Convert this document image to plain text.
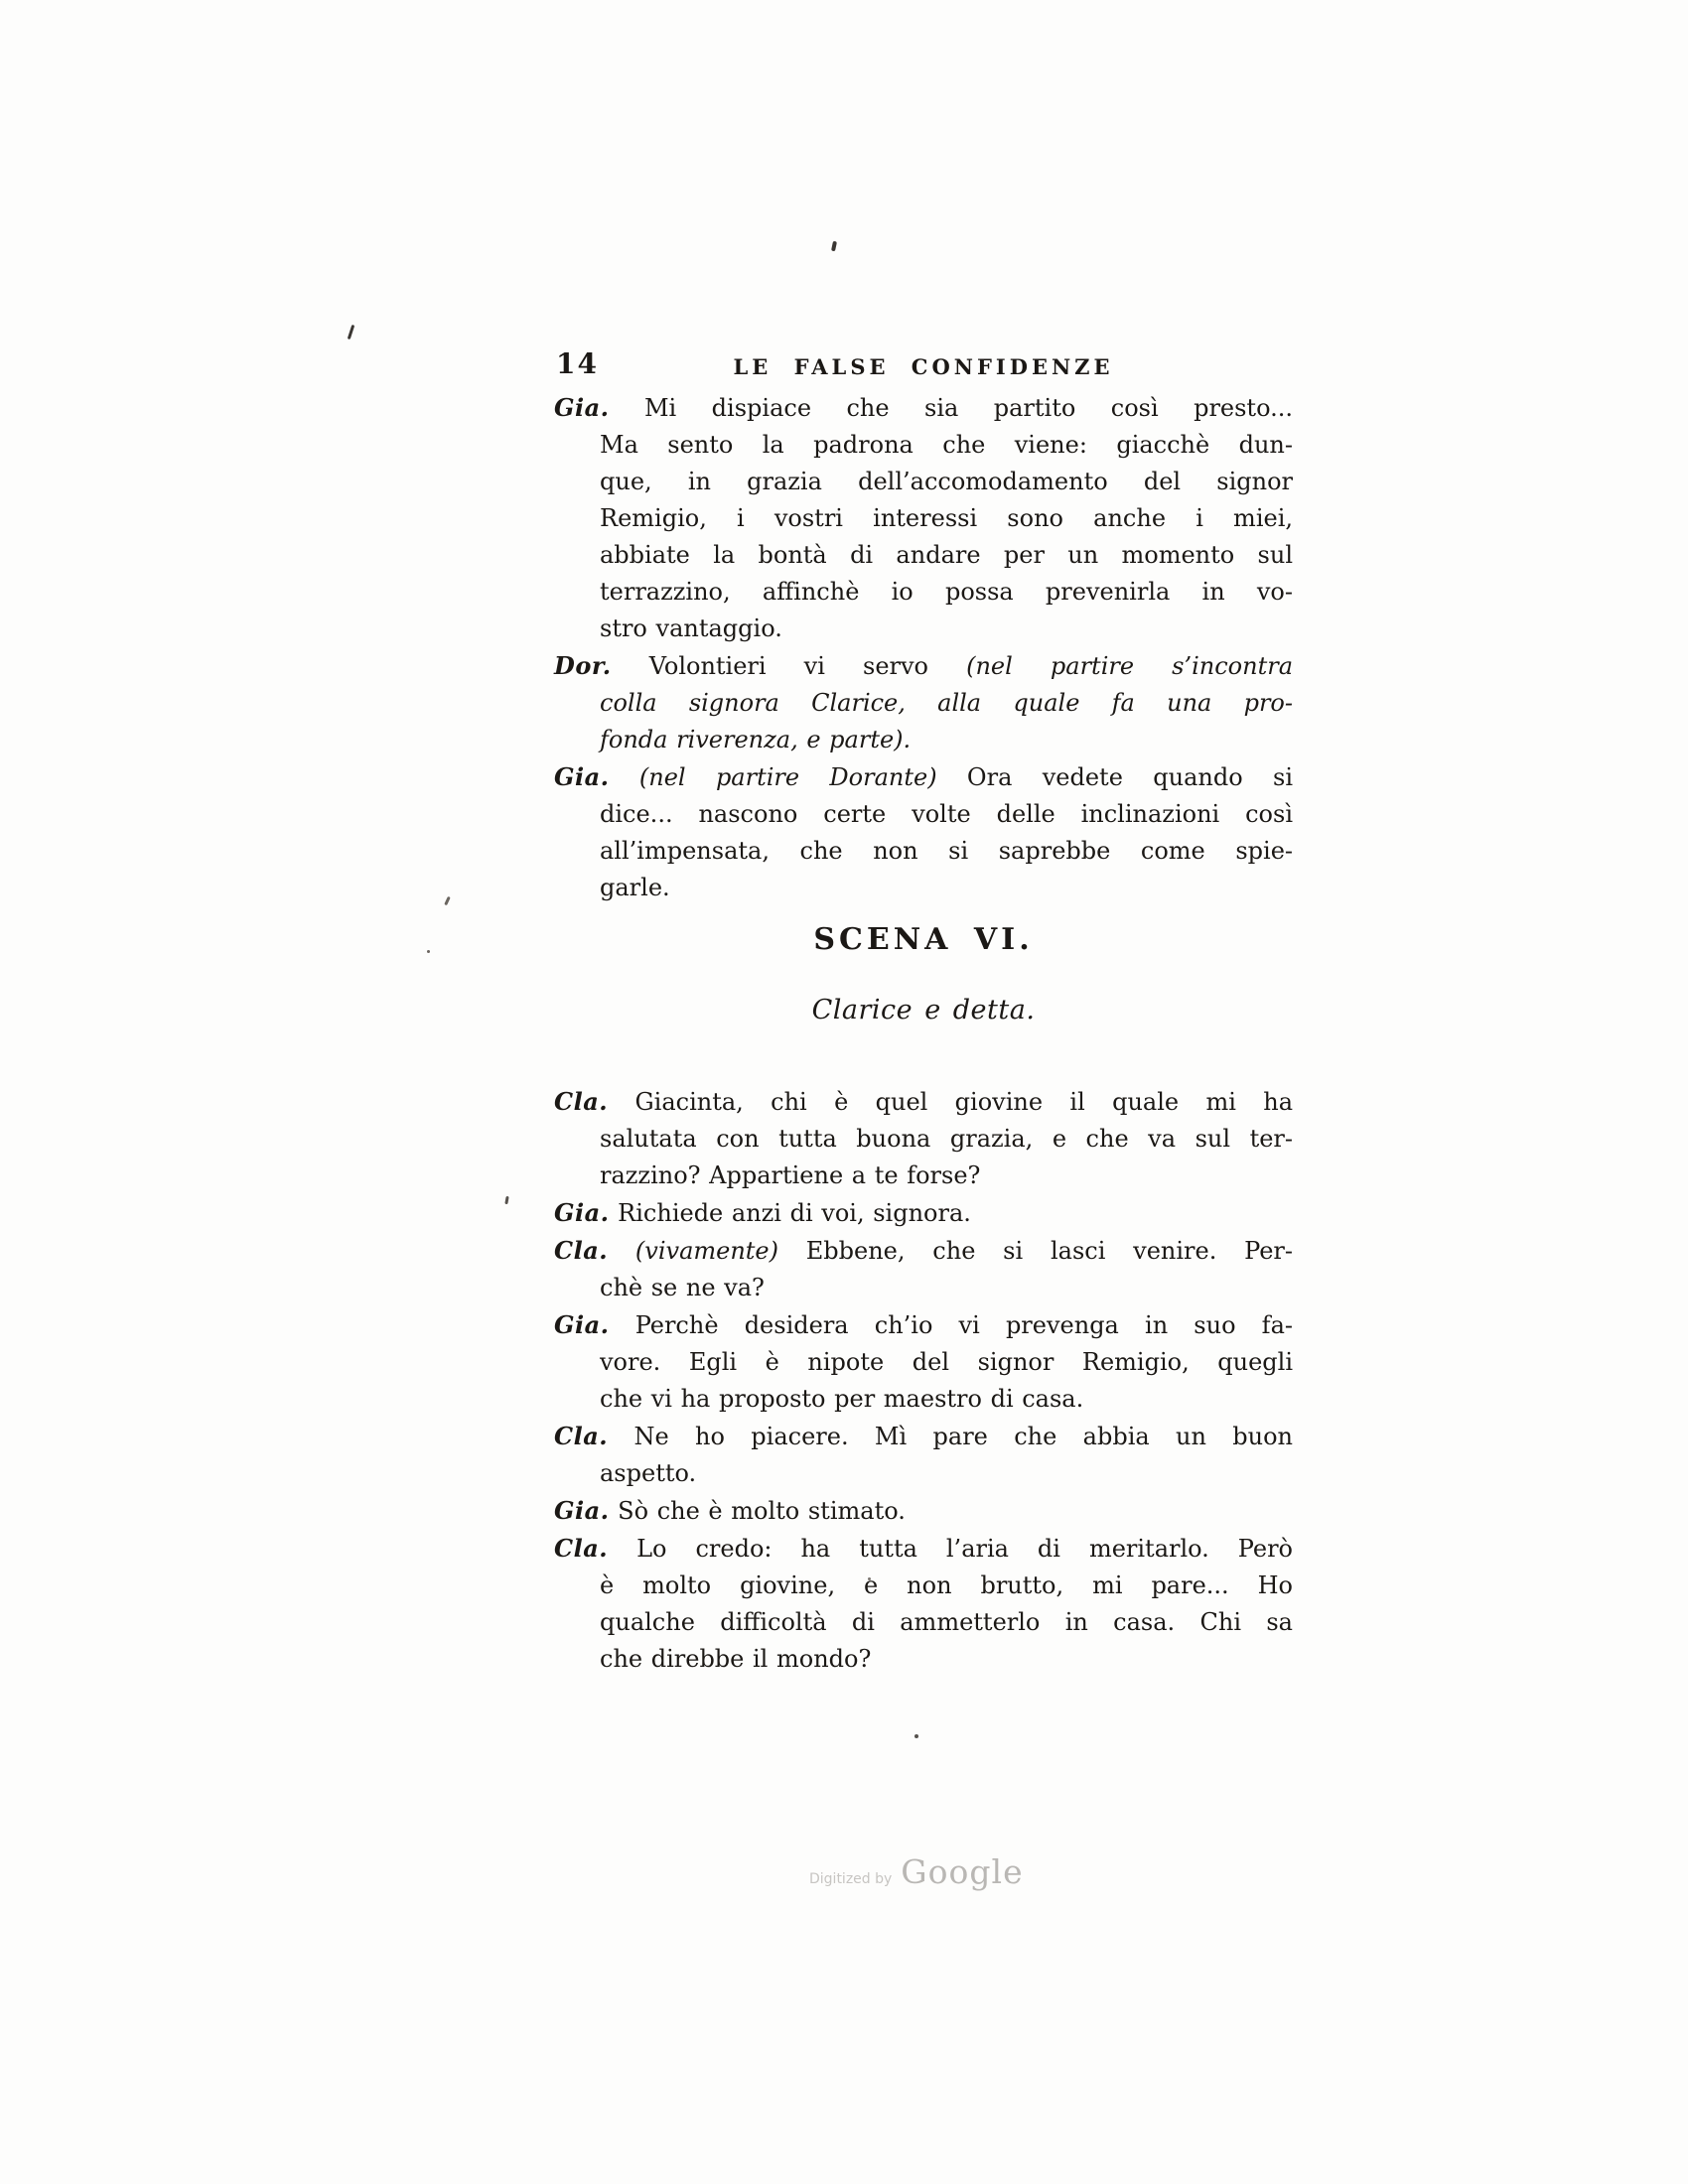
14	LE FALSE CONFIDENZE
Gia. Mi dispiace che sia partito così presto...
Ma sento la padrona che viene: giacchè dun-
que, in grazia dell’accomodamento del signor
Remigio, i vostri interessi sono anche i miei,
abbiate la bontà di andare per un momento sul
terrazzino, affinchè io possa prevenirla in vo-
stro vantaggio.
Dor. Volontieri vi servo (nel partire s’incontra
colla signora Clarice, alla quale fa una pro-
fonda riverenza, e parte).
Gia. (nel partire Dorante) Ora vedete quando si
dice... nascono certe volte delle inclinazioni così
all’impensata, che non si saprebbe come spie-
garle.
SCENA VI.
Clarice e detta.
Cla. Giacinta, chi è quel giovine il quale mi ha
salutata con tutta buona grazia, e che va sul ter-
razzino? Appartiene a te forse?
Gia. Richiede anzi di voi, signora.
Cla. (vivamente) Ebbene, che si lasci venire. Per-
chè se ne va?
Gia. Perchè desidera ch’io vi prevenga in suo fa-
vore. Egli è nipote del signor Remigio, quegli
che vi ha proposto per maestro di casa.
Cla. Ne ho piacere. Mì pare che abbia un buon
aspetto.
Gia. Sò che è molto stimato.
Cla. Lo credo: ha tutta l’aria di meritarlo. Però
è molto giovine, e non brutto, mi pare... Ho
qualche difficoltà di ammetterlo in casa. Chi sa
che direbbe il mondo?
Digitized by Google
